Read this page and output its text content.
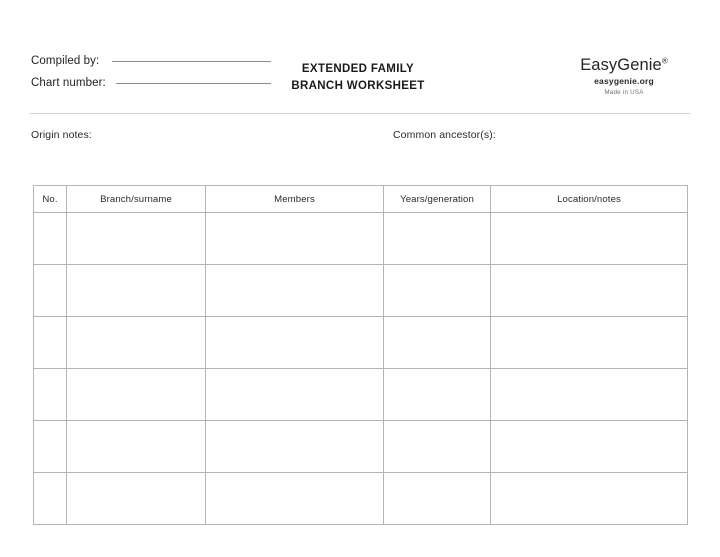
Compiled by:
Chart number:
EXTENDED FAMILY
BRANCH WORKSHEET
EasyGenie®
easygenie.org
Made in USA
Origin notes:	Common ancestor(s):
No.	Branch/surname	Members	Years/generation	Location/notes
